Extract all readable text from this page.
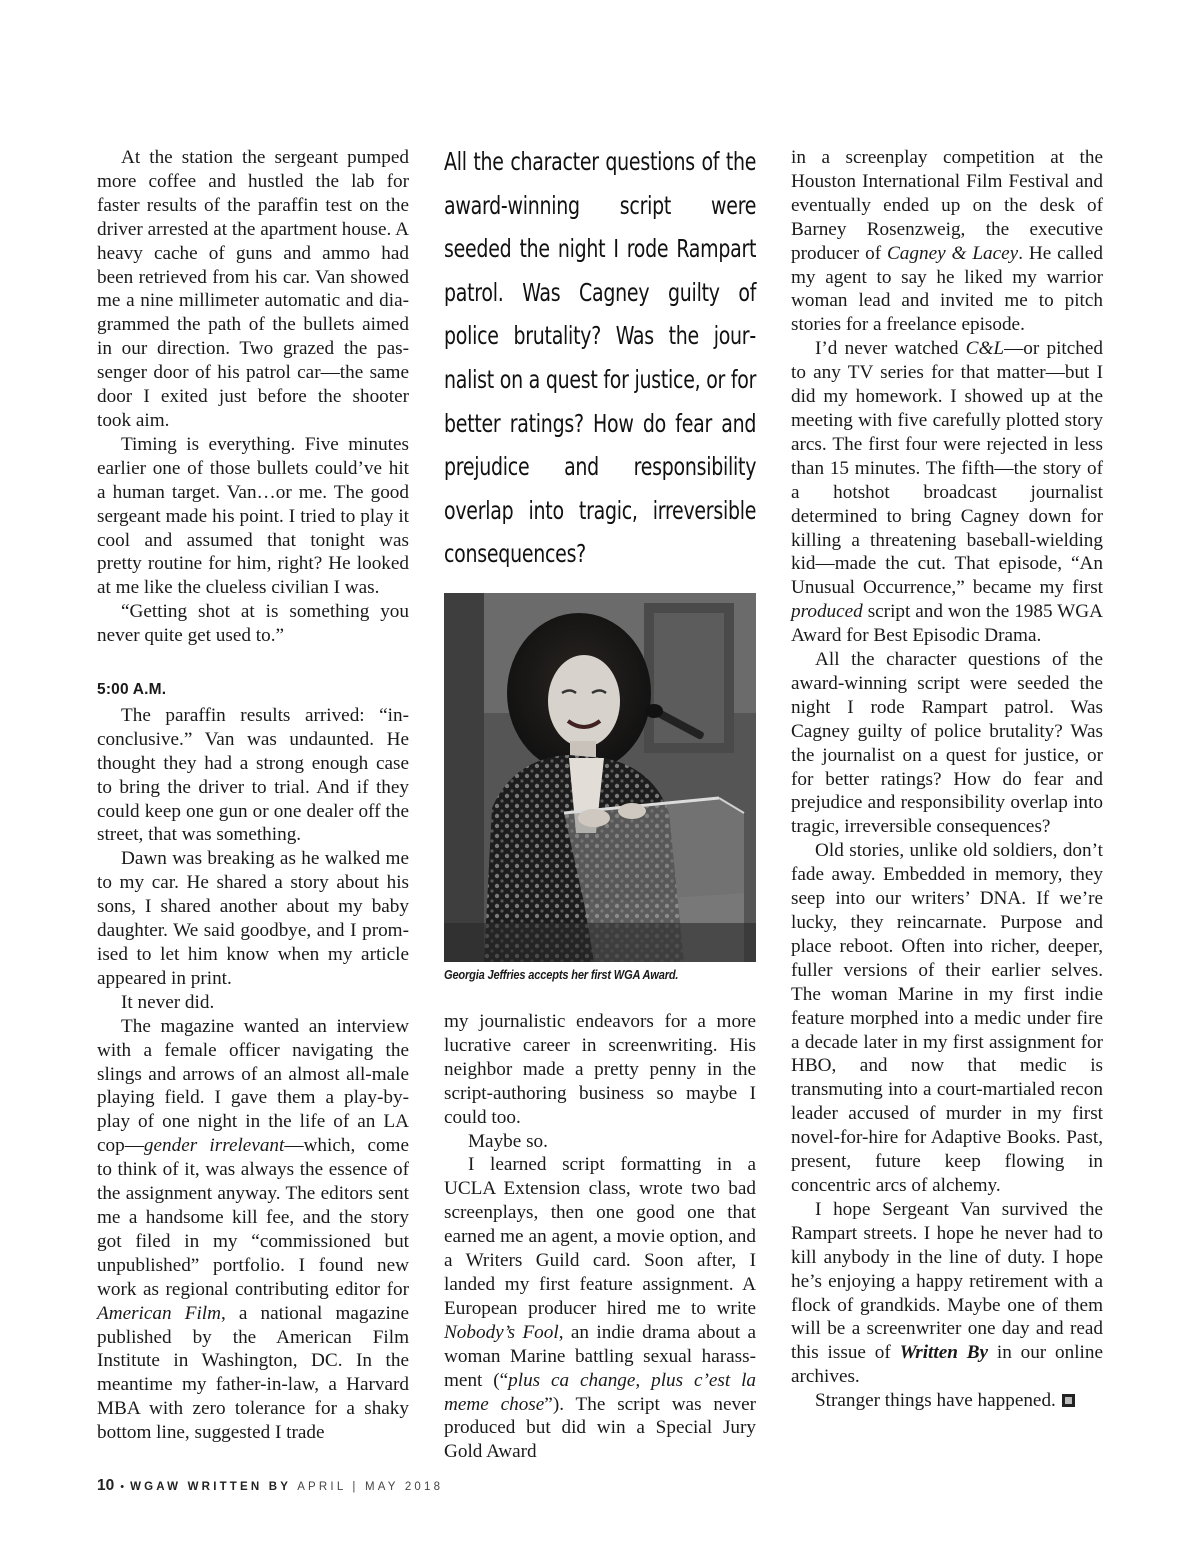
At the station the sergeant pumped more coffee and hustled the lab for faster results of the paraffin test on the driver arrested at the apartment house. A heavy cache of guns and ammo had been retrieved from his car. Van showed me a nine millimeter automatic and diagrammed the path of the bullets aimed in our direction. Two grazed the passenger door of his patrol car—the same door I exited just before the shooter took aim.

Timing is everything. Five minutes earlier one of those bullets could’ve hit a human target. Van…or me. The good sergeant made his point. I tried to play it cool and assumed that tonight was pretty routine for him, right? He looked at me like the clueless civilian I was.

“Getting shot at is something you never quite get used to.”

5:00 A.M.

The paraffin results arrived: “inconclusive.” Van was undaunted. He thought they had a strong enough case to bring the driver to trial. And if they could keep one gun or one dealer off the street, that was something.

Dawn was breaking as he walked me to my car. He shared a story about his sons, I shared another about my baby daughter. We said goodbye, and I promised to let him know when my article appeared in print.

It never did.

The magazine wanted an interview with a female officer navigating the slings and arrows of an almost all-male playing field. I gave them a play-by-play of one night in the life of an LA cop—gender irrelevant—which, come to think of it, was always the essence of the assignment anyway. The editors sent me a handsome kill fee, and the story got filed in my “commissioned but unpublished” portfolio. I found new work as regional contributing editor for American Film, a national magazine published by the American Film Institute in Washington, DC. In the meantime my father-in-law, a Harvard MBA with zero tolerance for a shaky bottom line, suggested I trade

All the character questions of the award-winning script were seeded the night I rode Rampart patrol. Was Cagney guilty of police brutality? Was the journalist on a quest for justice, or for better ratings? How do fear and prejudice and responsibility overlap into tragic, irreversible consequences?
Georgia Jeffries accepts her first WGA Award.

my journalistic endeavors for a more lucrative career in screenwriting. His neighbor made a pretty penny in the script-authoring business so maybe I could too.

Maybe so.

I learned script formatting in a UCLA Extension class, wrote two bad screenplays, then one good one that earned me an agent, a movie option, and a Writers Guild card. Soon after, I landed my first feature assignment. A European producer hired me to write Nobody’s Fool, an indie drama about a woman Marine battling sexual harassment (“plus ca change, plus c’est la meme chose”). The script was never produced but did win a Special Jury Gold Award

in a screenplay competition at the Houston International Film Festival and eventually ended up on the desk of Barney Rosenzweig, the executive producer of Cagney & Lacey. He called my agent to say he liked my warrior woman lead and invited me to pitch stories for a freelance episode.

I’d never watched C&L—or pitched to any TV series for that matter—but I did my homework. I showed up at the meeting with five carefully plotted story arcs. The first four were rejected in less than 15 minutes. The fifth—the story of a hotshot broadcast journalist determined to bring Cagney down for killing a threatening baseball-wielding kid—made the cut. That episode, “An Unusual Occurrence,” became my first produced script and won the 1985 WGA Award for Best Episodic Drama.

All the character questions of the award-winning script were seeded the night I rode Rampart patrol. Was Cagney guilty of police brutality? Was the journalist on a quest for justice, or for better ratings? How do fear and prejudice and responsibility overlap into tragic, irreversible consequences?

Old stories, unlike old soldiers, don’t fade away. Embedded in memory, they seep into our writers’ DNA. If we’re lucky, they reincarnate. Purpose and place reboot. Often into richer, deeper, fuller versions of their earlier selves. The woman Marine in my first indie feature morphed into a medic under fire a decade later in my first assignment for HBO, and now that medic is transmuting into a court-martialed recon leader accused of murder in my first novel-for-hire for Adaptive Books. Past, present, future keep flowing in concentric arcs of alchemy.

I hope Sergeant Van survived the Rampart streets. I hope he never had to kill anybody in the line of duty. I hope he’s enjoying a happy retirement with a flock of grandkids. Maybe one of them will be a screenwriter one day and read this issue of Written By in our online archives.

Stranger things have happened.

10 • WGAW WRITTEN BY APRIL | MAY 2018
